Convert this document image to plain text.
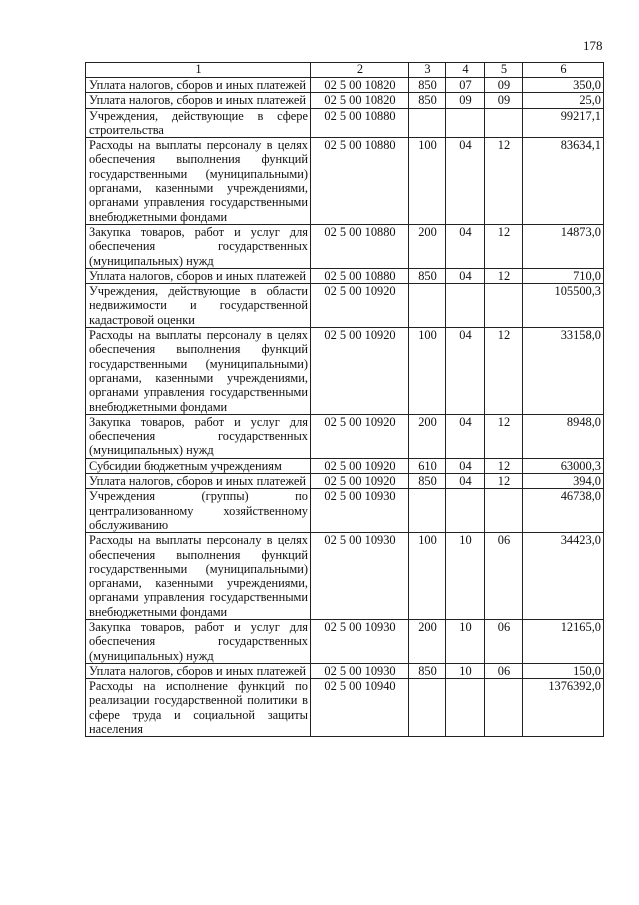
178
1	2	3	4	5	6
Уплата налогов, сборов и иных платежей	02 5 00 10820	850	07	09	350,0
Уплата налогов, сборов и иных платежей	02 5 00 10820	850	09	09	25,0
Учреждения, действующие в сфере строительства	02 5 00 10880				99217,1
Расходы на выплаты персоналу в целях обеспечения выполнения функций государственными (муниципальными) органами, казенными учреждениями, органами управления государственными внебюджетными фондами	02 5 00 10880	100	04	12	83634,1
Закупка товаров, работ и услуг для обеспечения государственных (муниципальных) нужд	02 5 00 10880	200	04	12	14873,0
Уплата налогов, сборов и иных платежей	02 5 00 10880	850	04	12	710,0
Учреждения, действующие в области недвижимости и государственной кадастровой оценки	02 5 00 10920				105500,3
Расходы на выплаты персоналу в целях обеспечения выполнения функций государственными (муниципальными) органами, казенными учреждениями, органами управления государственными внебюджетными фондами	02 5 00 10920	100	04	12	33158,0
Закупка товаров, работ и услуг для обеспечения государственных (муниципальных) нужд	02 5 00 10920	200	04	12	8948,0
Субсидии бюджетным учреждениям	02 5 00 10920	610	04	12	63000,3
Уплата налогов, сборов и иных платежей	02 5 00 10920	850	04	12	394,0
Учреждения (группы) по централизованному хозяйственному обслуживанию	02 5 00 10930				46738,0
Расходы на выплаты персоналу в целях обеспечения выполнения функций государственными (муниципальными) органами, казенными учреждениями, органами управления государственными внебюджетными фондами	02 5 00 10930	100	10	06	34423,0
Закупка товаров, работ и услуг для обеспечения государственных (муниципальных) нужд	02 5 00 10930	200	10	06	12165,0
Уплата налогов, сборов и иных платежей	02 5 00 10930	850	10	06	150,0
Расходы на исполнение функций по реализации государственной политики в сфере труда и социальной защиты населения	02 5 00 10940				1376392,0
